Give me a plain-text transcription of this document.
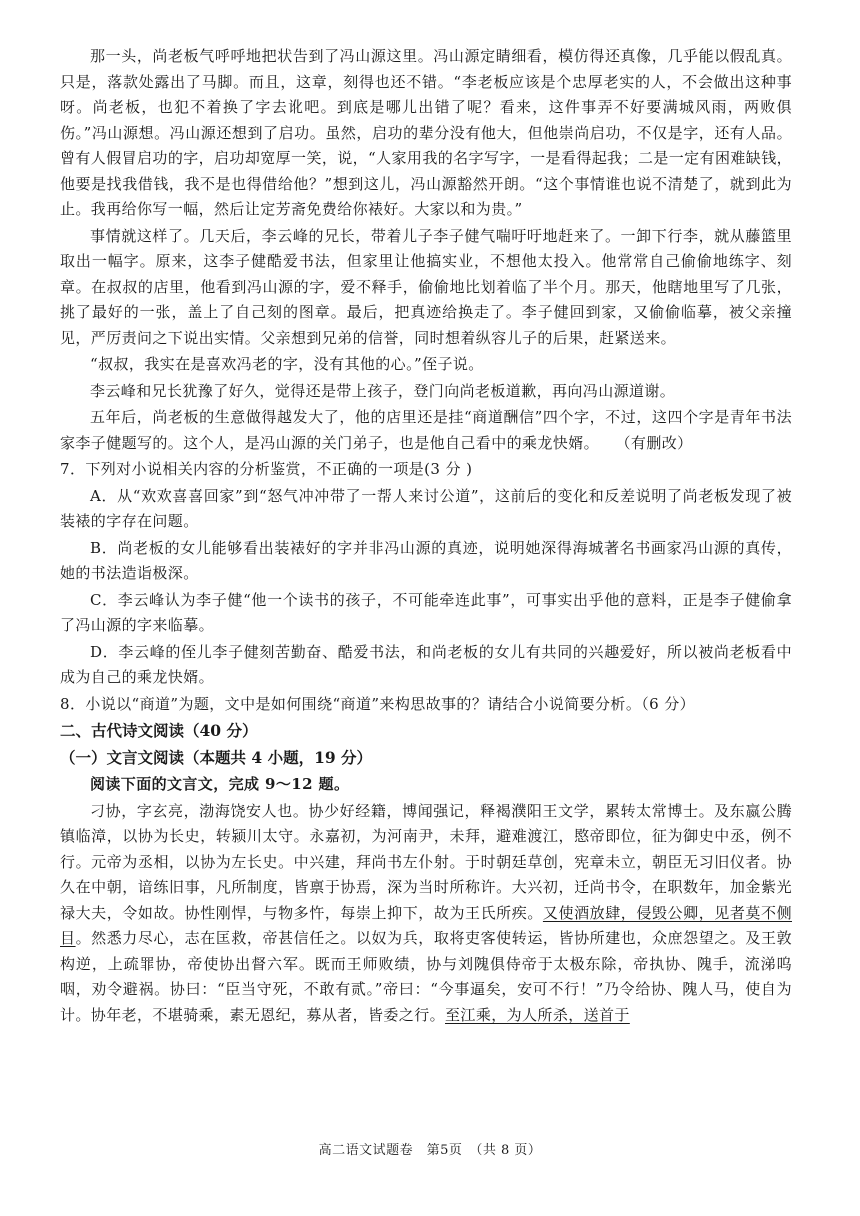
那一头，尚老板气呼呼地把状告到了冯山源这里。冯山源定睛细看，模仿得还真像，几乎能以假乱真。只是，落款处露出了马脚。而且，这章，刻得也还不错。“李老板应该是个忠厚老实的人，不会做出这种事呀。尚老板，也犯不着换了字去讹吧。到底是哪儿出错了呢？看来，这件事弄不好要满城风雨，两败俱伤。”冯山源想。冯山源还想到了启功。虽然，启功的辈分没有他大，但他崇尚启功，不仅是字，还有人品。曾有人假冒启功的字，启功却宽厚一笑，说，“人家用我的名字写字，一是看得起我；二是一定有困难缺钱，他要是找我借钱，我不是也得借给他？”想到这儿，冯山源豁然开朗。“这个事情谁也说不清楚了，就到此为止。我再给你写一幅，然后让定芳斋免费给你裱好。大家以和为贵。”

事情就这样了。几天后，李云峰的兄长，带着儿子李子健气喘吁吁地赶来了。一卸下行李，就从藤篮里取出一幅字。原来，这李子健酷爱书法，但家里让他搞实业，不想他太投入。他常常自己偷偷地练字、刻章。在叔叔的店里，他看到冯山源的字，爱不释手，偷偷地比划着临了半个月。那天，他瞎地里写了几张，挑了最好的一张，盖上了自己刻的图章。最后，把真迹给换走了。李子健回到家，又偷偷临摹，被父亲撞见，严厉责问之下说出实情。父亲想到兄弟的信誉，同时想着纵容儿子的后果，赶紧送来。

“叔叔，我实在是喜欢冯老的字，没有其他的心。”侄子说。

李云峰和兄长犹豫了好久，觉得还是带上孩子，登门向尚老板道歉，再向冯山源道谢。

五年后，尚老板的生意做得越发大了，他的店里还是挂“商道酬信”四个字，不过，这四个字是青年书法家李子健题写的。这个人，是冯山源的关门弟子，也是他自己看中的乘龙快婿。 （有删改）

7．下列对小说相关内容的分析鉴赏，不正确的一项是(3 分 )

A．从“欢欢喜喜回家”到“怒气冲冲带了一帮人来讨公道”，这前后的变化和反差说明了尚老板发现了被装裱的字存在问题。

B．尚老板的女儿能够看出装裱好的字并非冯山源的真迹，说明她深得海城著名书画家冯山源的真传，她的书法造诣极深。

C．李云峰认为李子健“他一个读书的孩子，不可能牵连此事”，可事实出乎他的意料，正是李子健偷拿了冯山源的字来临摹。

D．李云峰的侄儿李子健刻苦勤奋、酷爱书法，和尚老板的女儿有共同的兴趣爱好，所以被尚老板看中成为自己的乘龙快婿。

8．小说以“商道”为题，文中是如何围绕“商道”来构思故事的？请结合小说简要分析。（6 分）

二、古代诗文阅读（40 分）

（一）文言文阅读（本题共 4 小题，19 分）

阅读下面的文言文，完成 9～12 题。

刁协，字玄亮，渤海饶安人也。协少好经籍，博闻强记，释褐濮阳王文学，累转太常博士。及东嬴公腾镇临漳，以协为长史，转颍川太守。永嘉初，为河南尹，未拜，避难渡江，愍帝即位，征为御史中丞，例不行。元帝为丞相，以协为左长史。中兴建，拜尚书左仆射。于时朝廷草创，宪章未立，朝臣无习旧仪者。协久在中朝，谙练旧事，凡所制度，皆禀于协焉，深为当时所称许。大兴初，迁尚书令，在职数年，加金紫光禄大夫，令如故。协性刚悍，与物多忤，每崇上抑下，故为王氏所疾。又使酒放肆，侵毁公卿，见者莫不侧目。然悉力尽心，志在匡救，帝甚信任之。以奴为兵，取将吏客使转运，皆协所建也，众庶怨望之。及王敦构逆，上疏罪协，帝使协出督六军。既而王师败绩，协与刘隗俱侍帝于太极东除，帝执协、隗手，流涕呜咽，劝令避祸。协曰：“臣当守死，不敢有贰。”帝曰：“今事逼矣，安可不行！”乃令给协、隗人马，使自为计。协年老，不堪骑乘，素无恩纪，募从者，皆委之行。至江乘，为人所杀，送首于

高二语文试题卷　第5页　（共 8 页）
